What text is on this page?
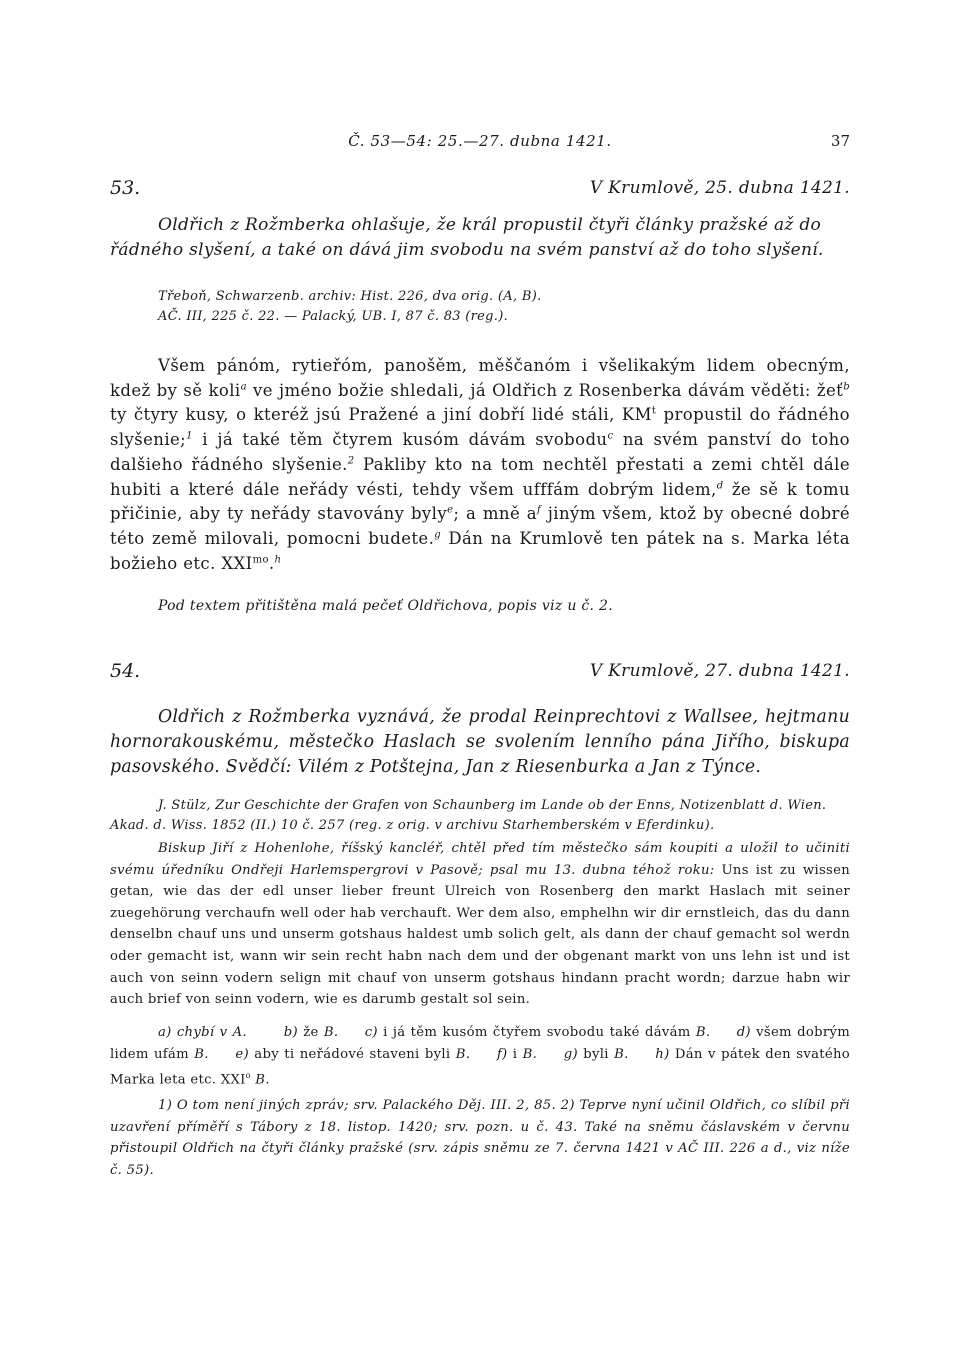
Č. 53—54: 25.—27. dubna 1421.	37
53.	V Krumlově, 25. dubna 1421.
Oldřich z Rožmberka ohlašuje, že král propustil čtyři články pražské až do
řádného slyšení, a také on dává jim svobodu na svém panství až do toho slyšení.
Třeboň, Schwarzenb. archiv: Hist. 226, dva orig. (A, B).
AČ. III, 225 č. 22. — Palacký, UB. I, 87 č. 83 (reg.).
Všem pánóm, rytieřóm, panošěm, měščanóm i všelikakým lidem obecným, kdež by sě koli$^a$ ve jméno božie shledali, já Oldřich z Rosenberka dávám věděti: žeť$^b$ ty čtyry kusy, o kteréž jsú Pražené a jiní dobří lidé stáli, $KM^t$ propustil do řádného slyšenie;$^1$ i já také těm čtyrem kusóm dávám svobodu$^c$ na svém panství do toho dalšieho řádného slyšenie.$^2$ Pakliby kto na tom nechtěl přestati a zemi chtěl dále hubiti a které dále neřády vésti, tehdy všem ufffám dobrým lidem,$^d$ že sě k tomu přičinie, aby ty neřády stavovány byly$^e$; a mně $a^f$ jiným všem, ktož by obecné dobré této země milovali, pomocni budete.$^g$ Dán na Krumlově ten pátek na s. Marka léta božieho etc. $XXI^{mo}.^h$
Pod textem přitištěna malá pečeť Oldřichova, popis viz u č. 2.
54.	V Krumlově, 27. dubna 1421.
Oldřich z Rožmberka vyznává, že prodal Reinprechtovi z Wallsee, hejtmanu hornorakouskému, městečko Haslach se svolením lenního pána Jiřího, biskupa pasovského. Svědčí: Vilém z Potštejna, Jan z Riesenburka a Jan z Týnce.
J. Stülz, Zur Geschichte der Grafen von Schaunberg im Lande ob der Enns, Notizenblatt d. Wien. Akad. d. Wiss. 1852 (II.) 10 č. 257 (reg. z orig. v archivu Starhemberském v Eferdinku).
Biskup Jiří z Hohenlohe, říšský kancléř, chtěl před tím městečko sám koupiti a uložil to učiniti svému úředníku Ondřeji Harlemspergrovi v Pasově; psal mu 13. dubna téhož roku: Uns ist zu wissen getan, wie das der edl unser lieber freunt Ulreich von Rosenberg den markt Haslach mit seiner zuegehörung verchaufn well oder hab verchauft. Wer dem also, emphelhn wir dir ernstleich, das du dann denselbn chauf uns und unserm gotshaus haldest umb solich gelt, als dann der chauf gemacht sol werdn oder gemacht ist, wann wir sein recht habn nach dem und der obgenant markt von uns lehn ist und ist auch von seinn vodern selign mit chauf von unserm gotshaus hindann pracht wordn; darzue habn wir auch brief von seinn vodern, wie es darumb gestalt sol sein.
a) chybí v A.	b) že B. c) i já těm kusóm čtyřem svobodu také dávám B. d) všem dobrým lidem ufám B. e) aby ti neřádové staveni byli B. f) i B. g) byli B. h) Dán v pátek den svatého Marka leta etc. XXI$^o$ B.
1) O tom není jiných zpráv; srv. Palackého Děj. III. 2, 85. 2) Teprve nyní učinil Oldřich, co slíbil při uzavření příměří s Tábory z 18. listop. 1420; srv. pozn. u č. 43. Také na sněmu čáslavském v červnu přistoupil Oldřich na čtyři články pražské (srv. zápis sněmu ze 7. června 1421 v AČ III. 226 a d., viz níže č. 55).
